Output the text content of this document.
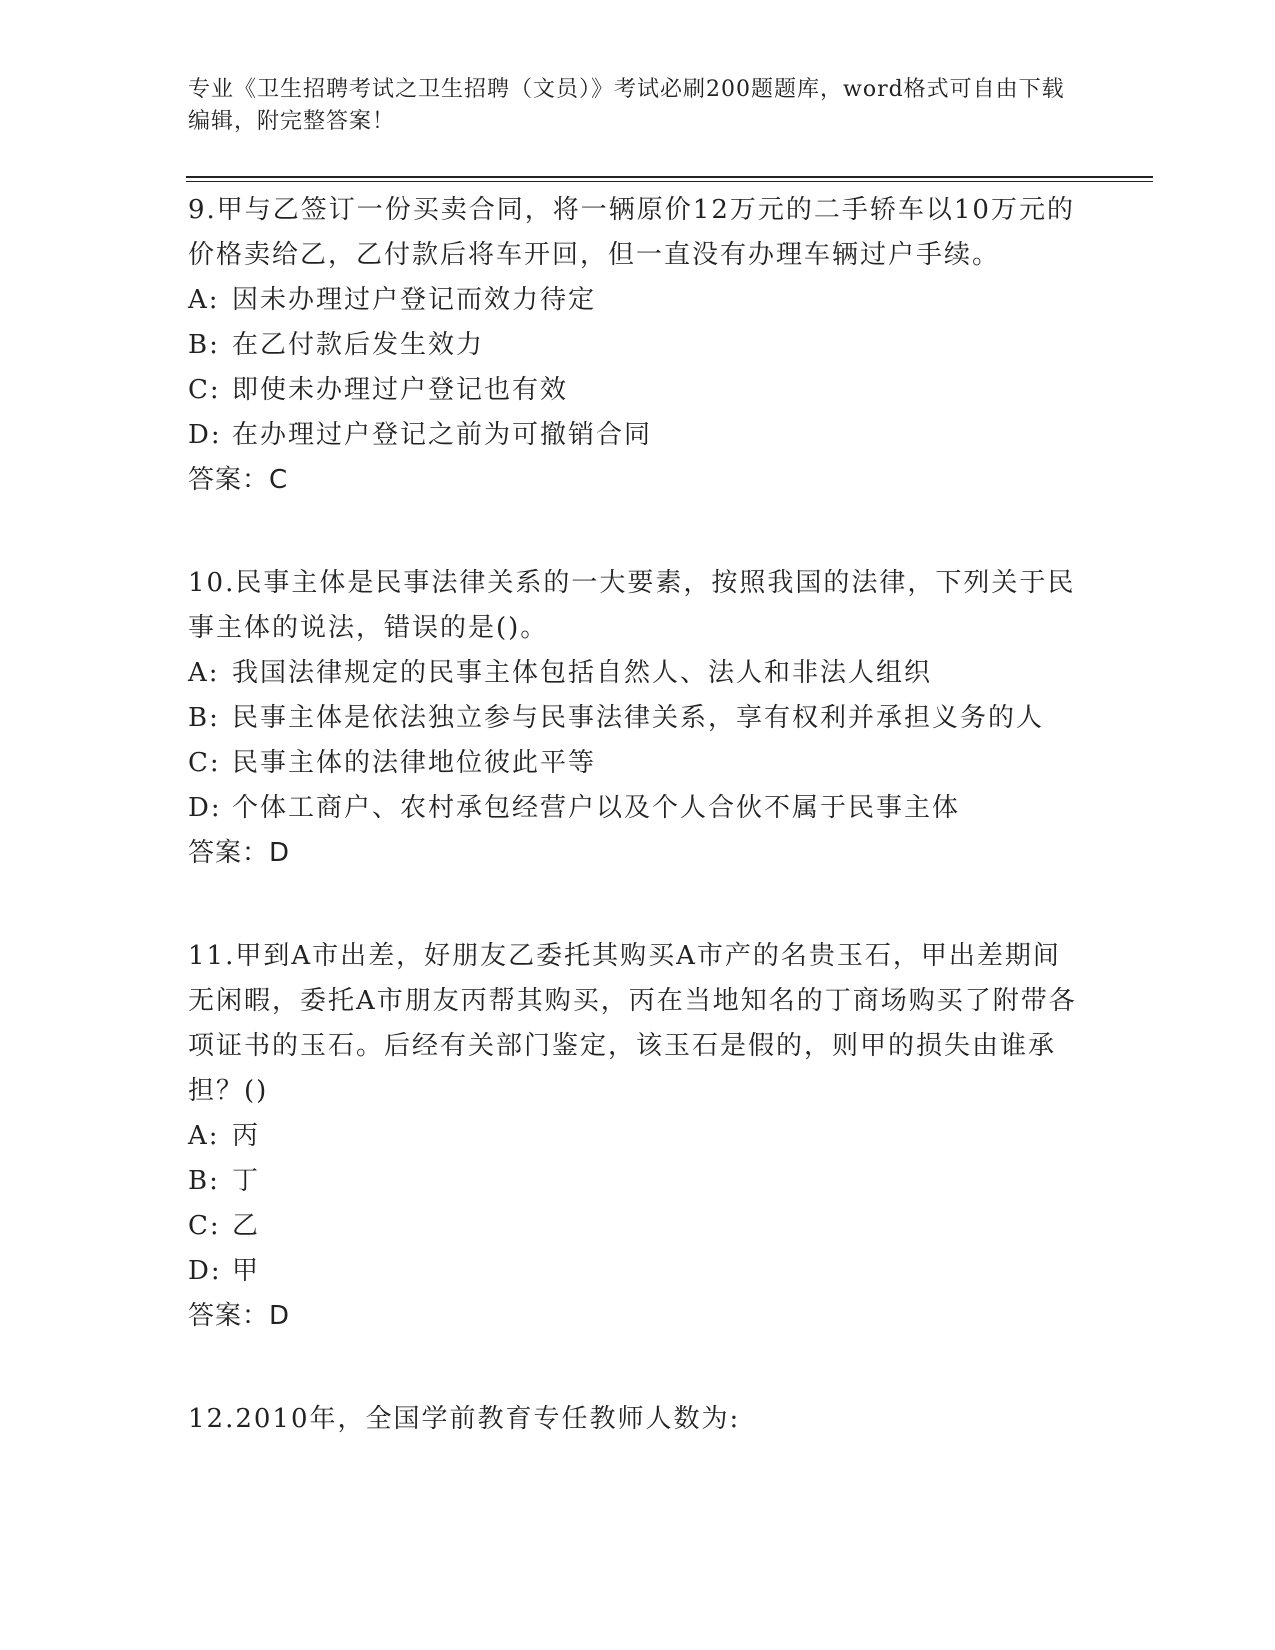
专业《卫生招聘考试之卫生招聘（文员）》考试必刷200题题库，word格式可自由下载编辑，附完整答案！

9.甲与乙签订一份买卖合同，将一辆原价12万元的二手轿车以10万元的价格卖给乙，乙付款后将车开回，但一直没有办理车辆过户手续。

A: 因未办理过户登记而效力待定

B: 在乙付款后发生效力

C: 即使未办理过户登记也有效

D: 在办理过户登记之前为可撤销合同

答案：C

10.民事主体是民事法律关系的一大要素，按照我国的法律，下列关于民事主体的说法，错误的是()。

A: 我国法律规定的民事主体包括自然人、法人和非法人组织

B: 民事主体是依法独立参与民事法律关系，享有权利并承担义务的人

C: 民事主体的法律地位彼此平等

D: 个体工商户、农村承包经营户以及个人合伙不属于民事主体

答案：D

11.甲到A市出差，好朋友乙委托其购买A市产的名贵玉石，甲出差期间无闲暇，委托A市朋友丙帮其购买，丙在当地知名的丁商场购买了附带各项证书的玉石。后经有关部门鉴定，该玉石是假的，则甲的损失由谁承担？()

A: 丙

B: 丁

C: 乙

D: 甲

答案：D

12.2010年，全国学前教育专任教师人数为:
